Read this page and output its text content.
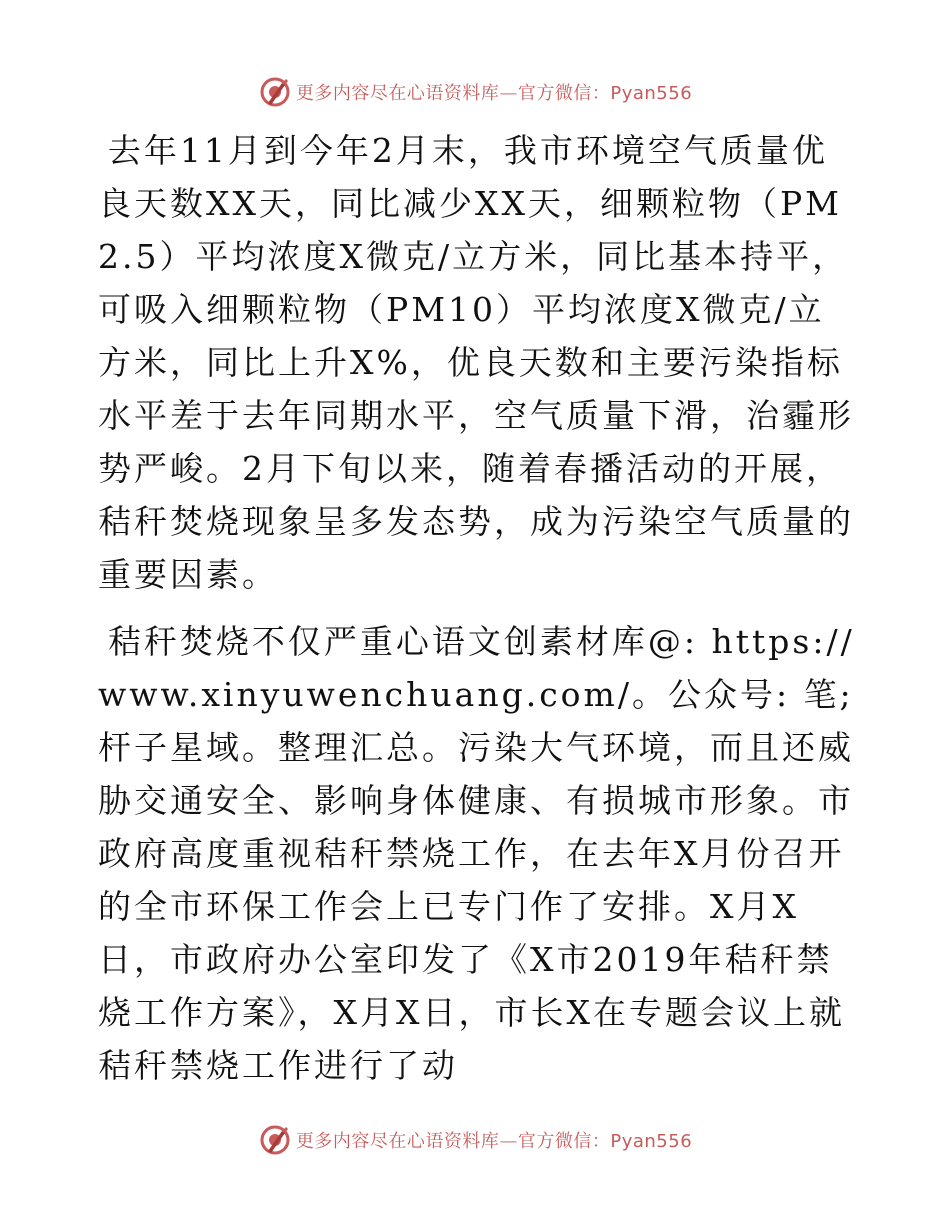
更多内容尽在心语资料库—官方微信：Pyan556

去年11月到今年2月末，我市环境空气质量优良天数XX天，同比减少XX天，细颗粒物（PM2.5）平均浓度X微克/立方米，同比基本持平，可吸入细颗粒物（PM10）平均浓度X微克/立方米，同比上升X%，优良天数和主要污染指标水平差于去年同期水平，空气质量下滑，治霾形势严峻。2月下旬以来，随着春播活动的开展，秸秆焚烧现象呈多发态势，成为污染空气质量的重要因素。

秸秆焚烧不仅严重心语文创素材库@: https://www.xinyuwenchuang.com/。公众号: 笔;杆子星域。整理汇总。污染大气环境，而且还威胁交通安全、影响身体健康、有损城市形象。市政府高度重视秸秆禁烧工作，在去年X月份召开的全市环保工作会上已专门作了安排。X月X日，市政府办公室印发了《X市2019年秸秆禁烧工作方案》，X月X日，市长X在专题会议上就秸秆禁烧工作进行了动

更多内容尽在心语资料库—官方微信：Pyan556
